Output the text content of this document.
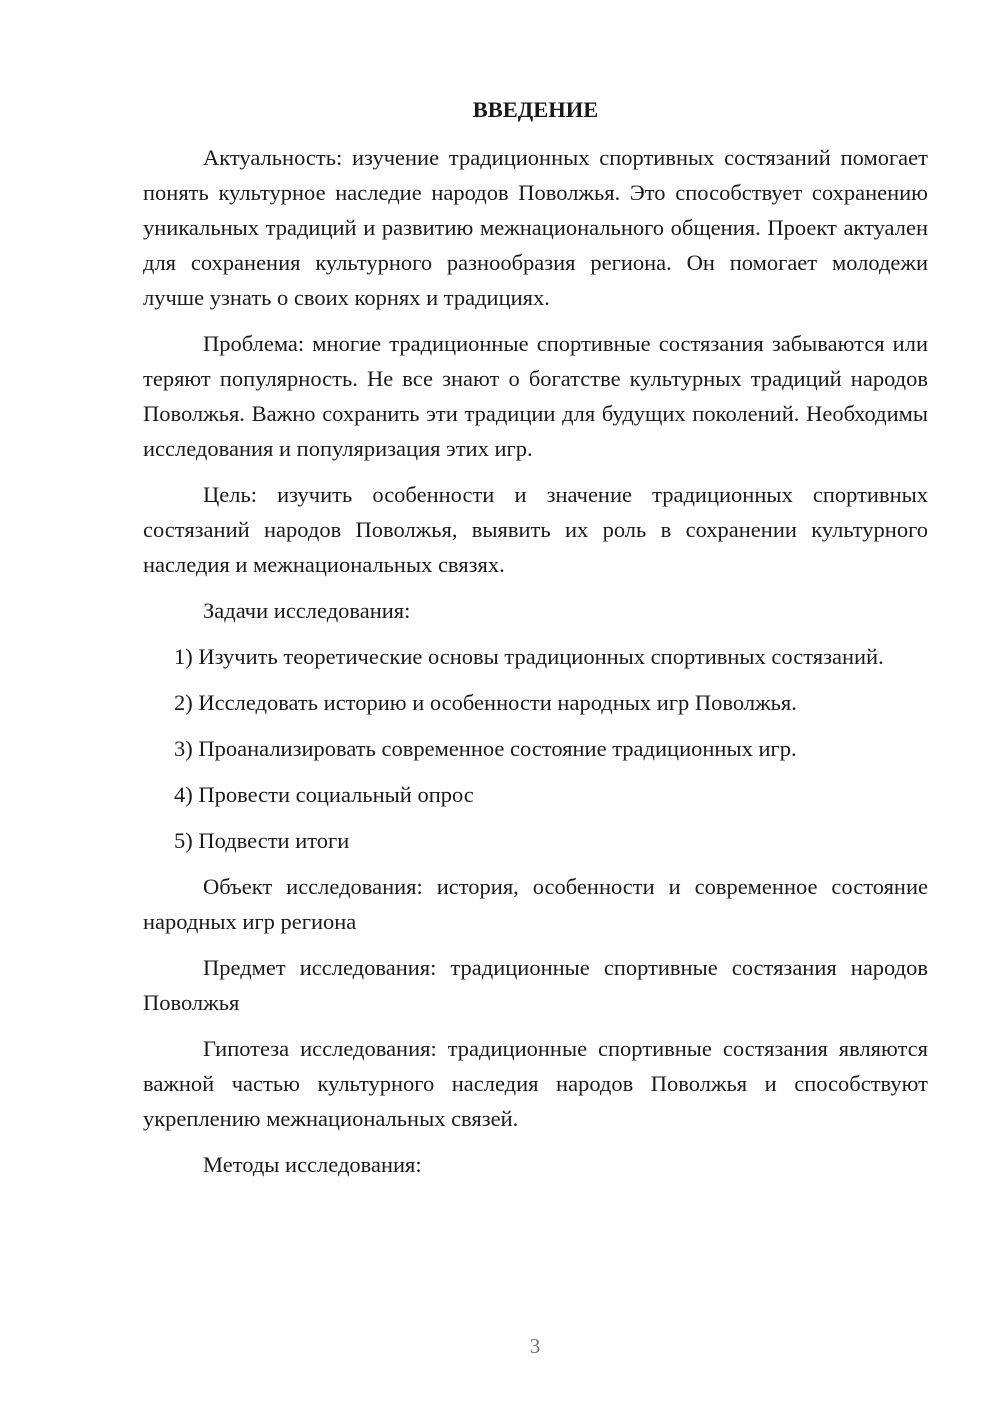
ВВЕДЕНИЕ

Актуальность: изучение традиционных спортивных состязаний помогает понять культурное наследие народов Поволжья. Это способствует сохранению уникальных традиций и развитию межнационального общения. Проект актуален для сохранения культурного разнообразия региона. Он помогает молодежи лучше узнать о своих корнях и традициях.

Проблема: многие традиционные спортивные состязания забываются или теряют популярность. Не все знают о богатстве культурных традиций народов Поволжья. Важно сохранить эти традиции для будущих поколений. Необходимы исследования и популяризация этих игр.

Цель: изучить особенности и значение традиционных спортивных состязаний народов Поволжья, выявить их роль в сохранении культурного наследия и межнациональных связях.

Задачи исследования:

1) Изучить теоретические основы традиционных спортивных состязаний.

2) Исследовать историю и особенности народных игр Поволжья.

3) Проанализировать современное состояние традиционных игр.

4) Провести социальный опрос

5) Подвести итоги

Объект исследования: история, особенности и современное состояние народных игр региона

Предмет исследования: традиционные спортивные состязания народов Поволжья

Гипотеза исследования: традиционные спортивные состязания являются важной частью культурного наследия народов Поволжья и способствуют укреплению межнациональных связей.

Методы исследования:

3
